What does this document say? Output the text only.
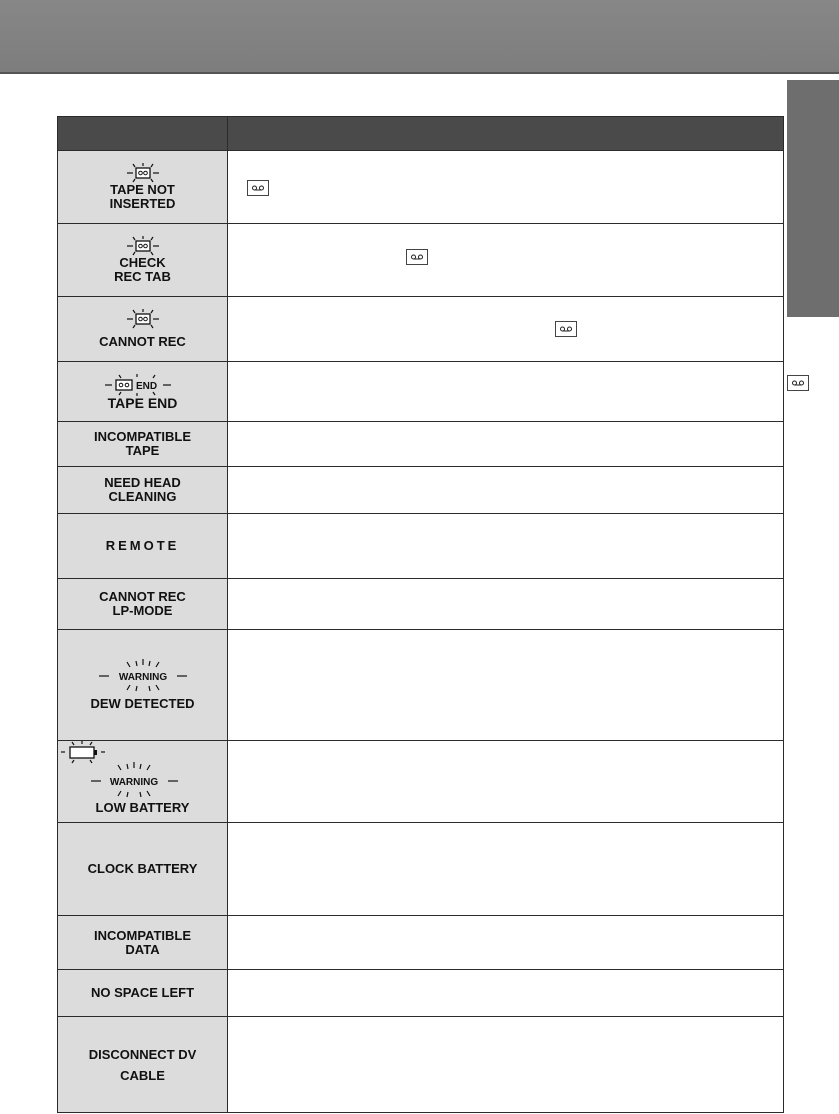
TAPE NOT
INSERTED

CHECK
REC TAB

CANNOT REC

END
TAPE END

INCOMPATIBLE
TAPE	

NEED HEAD
CLEANING	

REMOTE	

CANNOT REC
LP-MODE	

WARNING
DEW DETECTED	

WARNING
LOW BATTERY	

CLOCK BATTERY	

INCOMPATIBLE
DATA	

NO SPACE LEFT	

DISCONNECT DV
CABLE	
